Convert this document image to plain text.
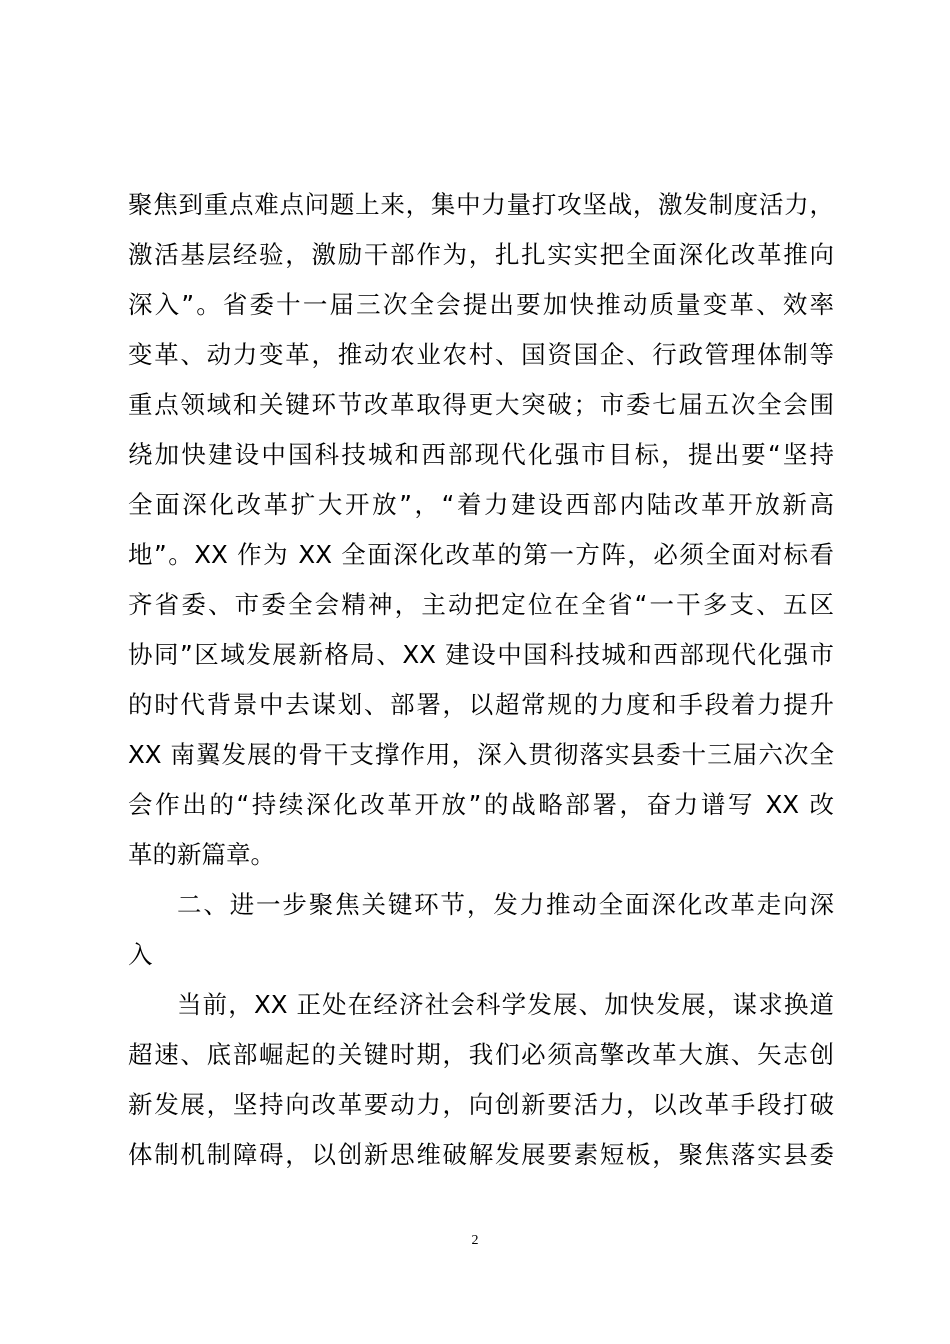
聚焦到重点难点问题上来，集中力量打攻坚战，激发制度活力，
激活基层经验，激励干部作为，扎扎实实把全面深化改革推向
深入”。省委十一届三次全会提出要加快推动质量变革、效率
变革、动力变革，推动农业农村、国资国企、行政管理体制等
重点领域和关键环节改革取得更大突破；市委七届五次全会围
绕加快建设中国科技城和西部现代化强市目标，提出要“坚持
全面深化改革扩大开放”，“着力建设西部内陆改革开放新高
地”。XX 作为 XX 全面深化改革的第一方阵，必须全面对标看
齐省委、市委全会精神，主动把定位在全省“一干多支、五区
协同”区域发展新格局、XX 建设中国科技城和西部现代化强市
的时代背景中去谋划、部署，以超常规的力度和手段着力提升
XX 南翼发展的骨干支撑作用，深入贯彻落实县委十三届六次全
会作出的“持续深化改革开放”的战略部署，奋力谱写 XX 改
革的新篇章。
二、进一步聚焦关键环节，发力推动全面深化改革走向深
入
当前，XX 正处在经济社会科学发展、加快发展，谋求换道
超速、底部崛起的关键时期，我们必须高擎改革大旗、矢志创
新发展，坚持向改革要动力，向创新要活力，以改革手段打破
体制机制障碍，以创新思维破解发展要素短板，聚焦落实县委
2
